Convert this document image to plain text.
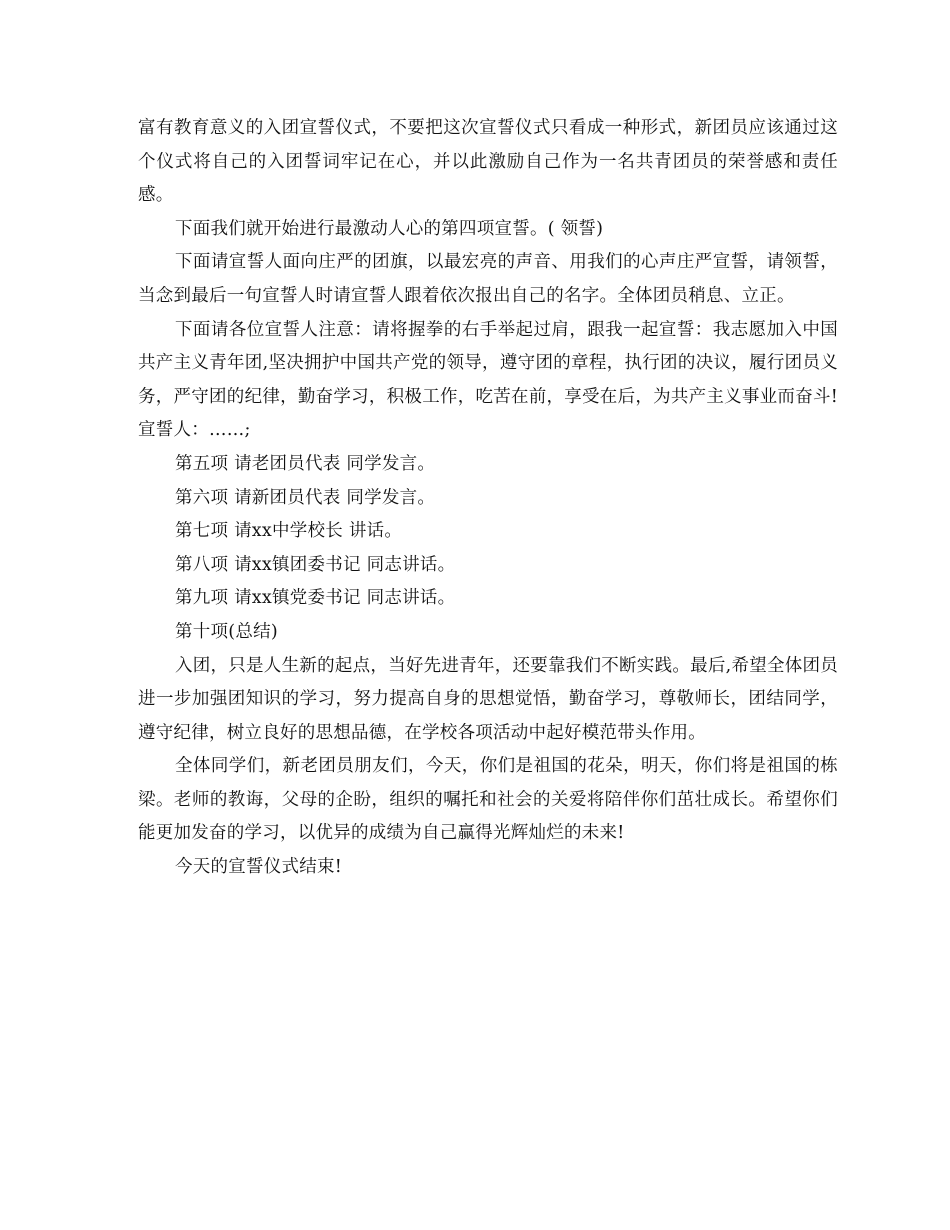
富有教育意义的入团宣誓仪式，不要把这次宣誓仪式只看成一种形式，新团员应该通过这个仪式将自己的入团誓词牢记在心，并以此激励自己作为一名共青团员的荣誉感和责任感。

下面我们就开始进行最激动人心的第四项宣誓。( 领誓)

下面请宣誓人面向庄严的团旗，以最宏亮的声音、用我们的心声庄严宣誓，请领誓，当念到最后一句宣誓人时请宣誓人跟着依次报出自己的名字。全体团员稍息、立正。

下面请各位宣誓人注意：请将握拳的右手举起过肩，跟我一起宣誓：我志愿加入中国共产主义青年团,坚决拥护中国共产党的领导，遵守团的章程，执行团的决议，履行团员义务，严守团的纪律，勤奋学习，积极工作，吃苦在前，享受在后，为共产主义事业而奋斗!宣誓人：……;

第五项 请老团员代表 同学发言。

第六项 请新团员代表 同学发言。

第七项 请xx中学校长 讲话。

第八项 请xx镇团委书记 同志讲话。

第九项 请xx镇党委书记 同志讲话。

第十项(总结)

入团，只是人生新的起点，当好先进青年，还要靠我们不断实践。最后,希望全体团员进一步加强团知识的学习，努力提高自身的思想觉悟，勤奋学习，尊敬师长，团结同学，遵守纪律，树立良好的思想品德，在学校各项活动中起好模范带头作用。

全体同学们，新老团员朋友们，今天，你们是祖国的花朵，明天，你们将是祖国的栋梁。老师的教诲，父母的企盼，组织的嘱托和社会的关爱将陪伴你们茁壮成长。希望你们能更加发奋的学习，以优异的成绩为自己赢得光辉灿烂的未来!

今天的宣誓仪式结束!
